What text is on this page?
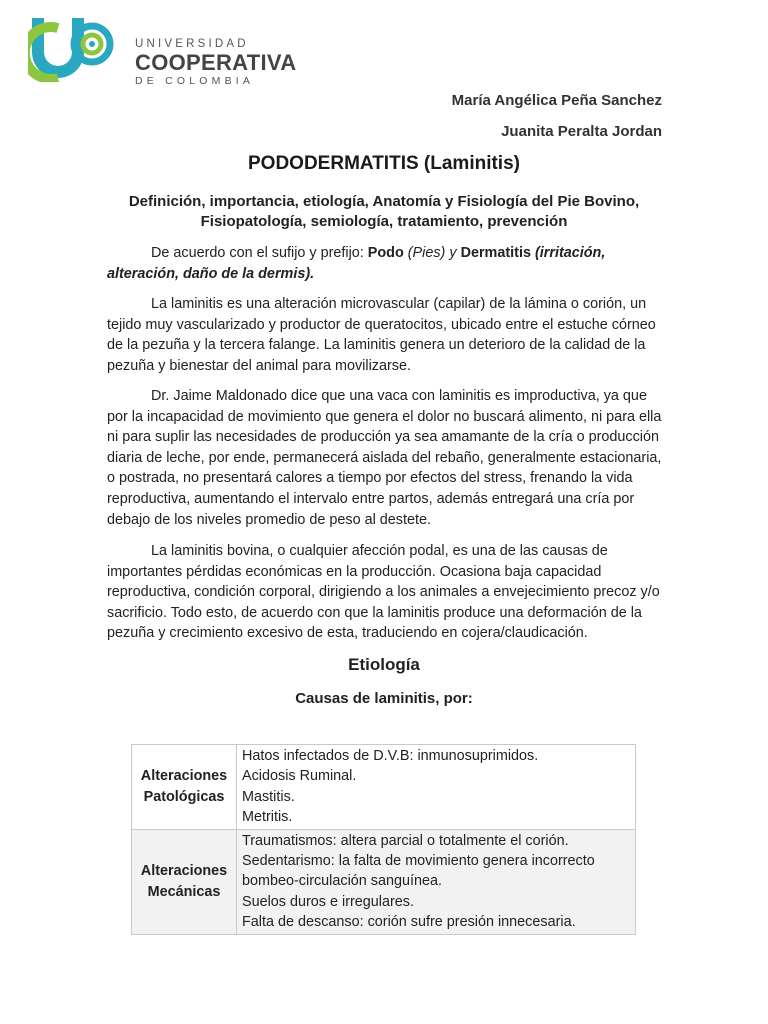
UNIVERSIDAD
COOPERATIVA
DE COLOMBIA
María Angélica Peña Sanchez
Juanita Peralta Jordan
PODODERMATITIS (Laminitis)
Definición, importancia, etiología, Anatomía y Fisiología del Pie Bovino, Fisiopatología, semiología, tratamiento, prevención
De acuerdo con el sufijo y prefijo: Podo (Pies) y Dermatitis (irritación, alteración, daño de la dermis).
La laminitis es una alteración microvascular (capilar) de la lámina o corión, un tejido muy vascularizado y productor de queratocitos, ubicado entre el estuche córneo de la pezuña y la tercera falange. La laminitis genera un deterioro de la calidad de la pezuña y bienestar del animal para movilizarse.
Dr. Jaime Maldonado dice que una vaca con laminitis es improductiva, ya que por la incapacidad de movimiento que genera el dolor no buscará alimento, ni para ella ni para suplir las necesidades de producción ya sea amamante de la cría o producción diaria de leche, por ende, permanecerá aislada del rebaño, generalmente estacionaria, o postrada, no presentará calores a tiempo por efectos del stress, frenando la vida reproductiva, aumentando el intervalo entre partos, además entregará una cría por debajo de los niveles promedio de peso al destete.
La laminitis bovina, o cualquier afección podal, es una de las causas de importantes pérdidas económicas en la producción. Ocasiona baja capacidad reproductiva, condición corporal, dirigiendo a los animales a envejecimiento precoz y/o sacrificio. Todo esto, de acuerdo con que la laminitis produce una deformación de la pezuña y crecimiento excesivo de esta, traduciendo en cojera/claudicación.
Etiología
Causas de laminitis, por:
Alteraciones Patológicas	Hatos infectados de D.V.B: inmunosuprimidos.
Acidosis Ruminal.
Mastitis.
Metritis.

Alteraciones Mecánicas	Traumatismos: altera parcial o totalmente el corión.
Sedentarismo: la falta de movimiento genera incorrecto bombeo-circulación sanguínea.
Suelos duros e irregulares.
Falta de descanso: corión sufre presión innecesaria.
